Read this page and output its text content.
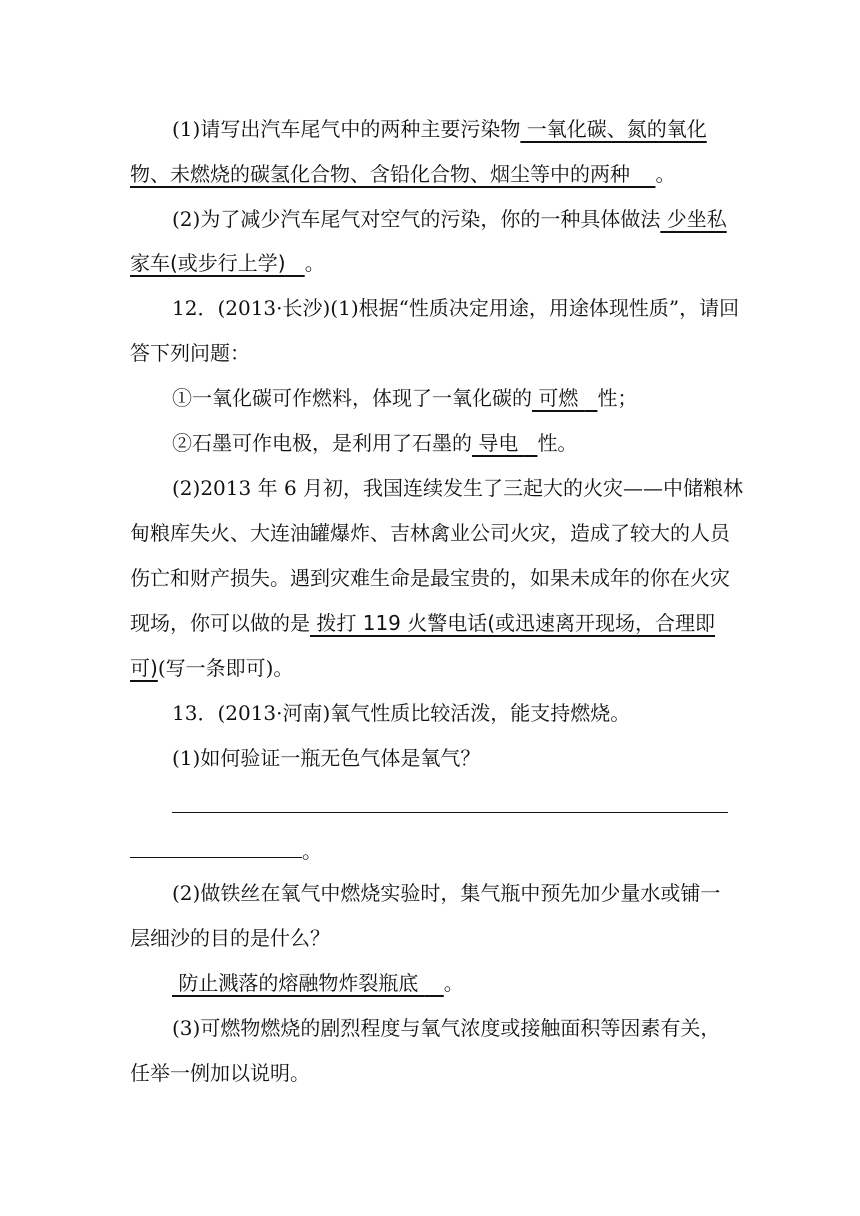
(1)请写出汽车尾气中的两种主要污染物 一氧化碳、氮的氧化
物、未燃烧的碳氢化合物、含铅化合物、烟尘等中的两种 。
(2)为了减少汽车尾气对空气的污染，你的一种具体做法 少坐私
家车(或步行上学) 。
12．(2013·长沙)(1)根据“性质决定用途，用途体现性质”，请回
答下列问题：
①一氧化碳可作燃料，体现了一氧化碳的 可燃   性；
②石墨可作电极，是利用了石墨的 导电   性。
(2)2013 年 6 月初，我国连续发生了三起大的火灾——中储粮林
甸粮库失火、大连油罐爆炸、吉林禽业公司火灾，造成了较大的人员
伤亡和财产损失。遇到灾难生命是最宝贵的，如果未成年的你在火灾
现场，你可以做的是 拨打 119 火警电话(或迅速离开现场，合理即
可)(写一条即可)。
13．(2013·河南)氧气性质比较活泼，能支持燃烧。
(1)如何验证一瓶无色气体是氧气？
。
(2)做铁丝在氧气中燃烧实验时，集气瓶中预先加少量水或铺一
层细沙的目的是什么？
防止溅落的熔融物炸裂瓶底    。
(3)可燃物燃烧的剧烈程度与氧气浓度或接触面积等因素有关，
任举一例加以说明。
